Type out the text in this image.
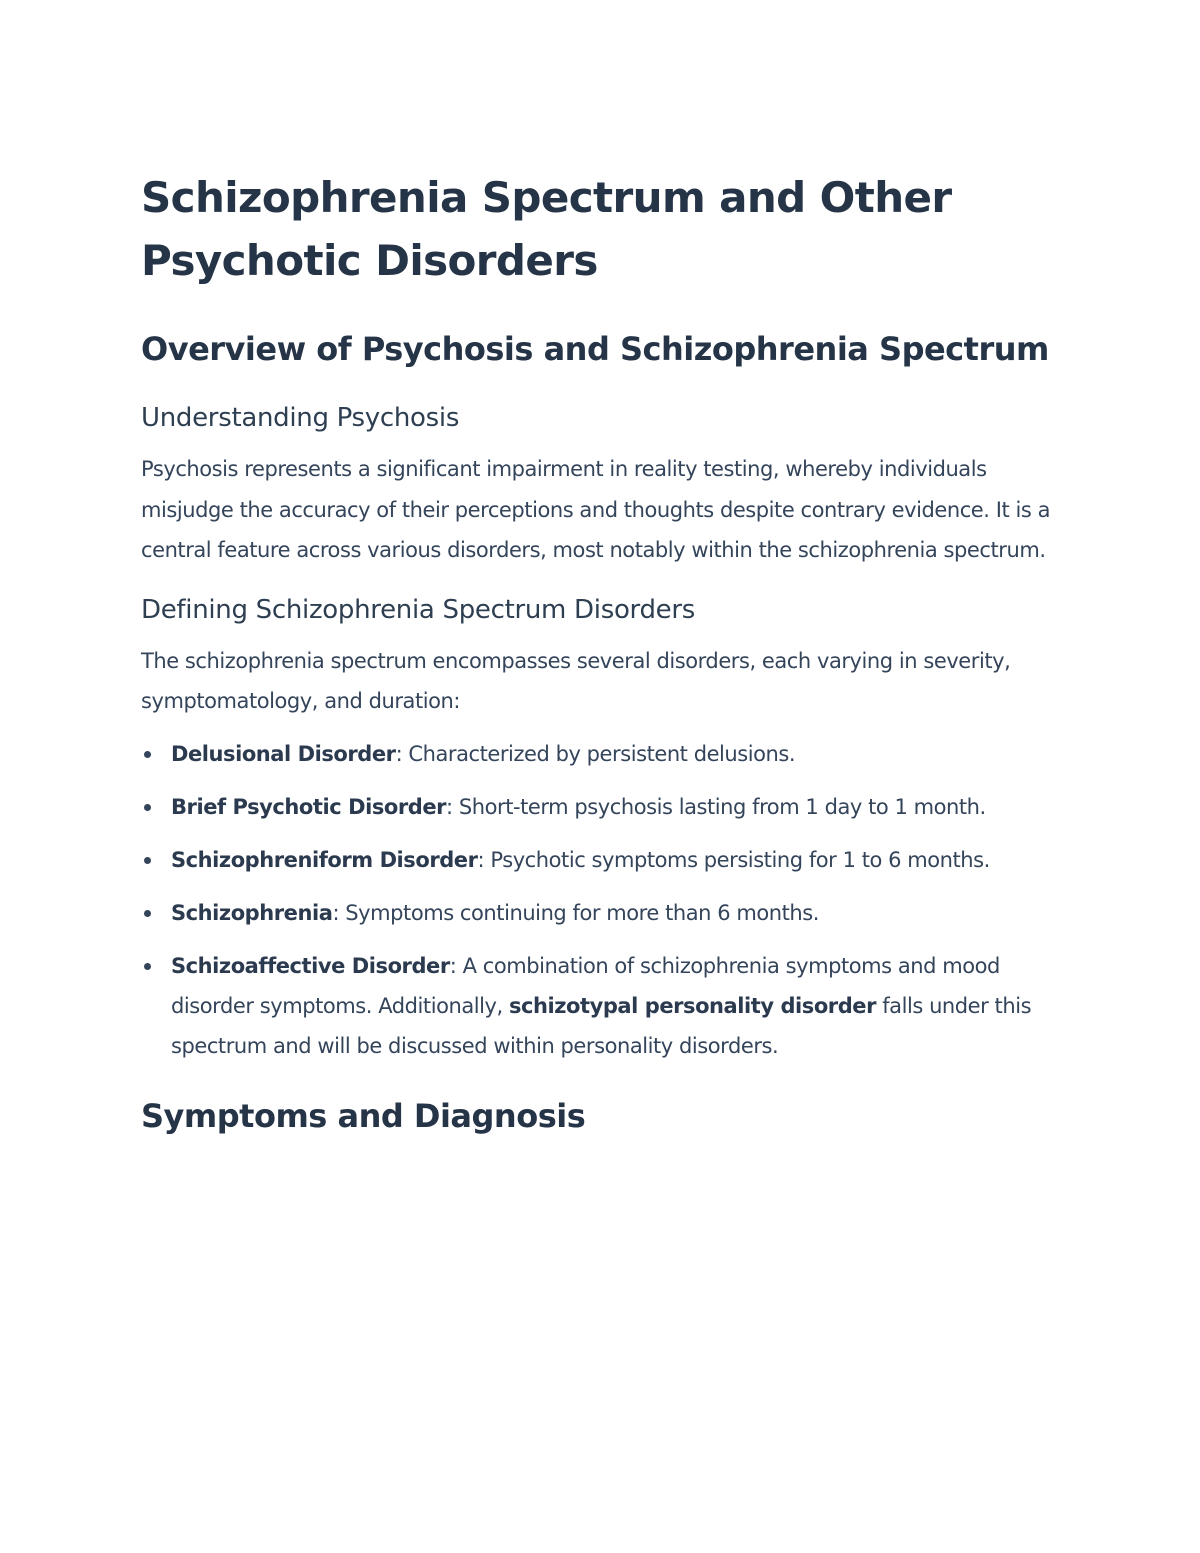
Schizophrenia Spectrum and Other Psychotic Disorders
Overview of Psychosis and Schizophrenia Spectrum
Understanding Psychosis

Psychosis represents a significant impairment in reality testing, whereby individuals misjudge the accuracy of their perceptions and thoughts despite contrary evidence. It is a central feature across various disorders, most notably within the schizophrenia spectrum.

Defining Schizophrenia Spectrum Disorders

The schizophrenia spectrum encompasses several disorders, each varying in severity, symptomatology, and duration:

Delusional Disorder: Characterized by persistent delusions.
Brief Psychotic Disorder: Short-term psychosis lasting from 1 day to 1 month.
Schizophreniform Disorder: Psychotic symptoms persisting for 1 to 6 months.
Schizophrenia: Symptoms continuing for more than 6 months.
Schizoaffective Disorder: A combination of schizophrenia symptoms and mood disorder symptoms. Additionally, schizotypal personality disorder falls under this spectrum and will be discussed within personality disorders.
Symptoms and Diagnosis
